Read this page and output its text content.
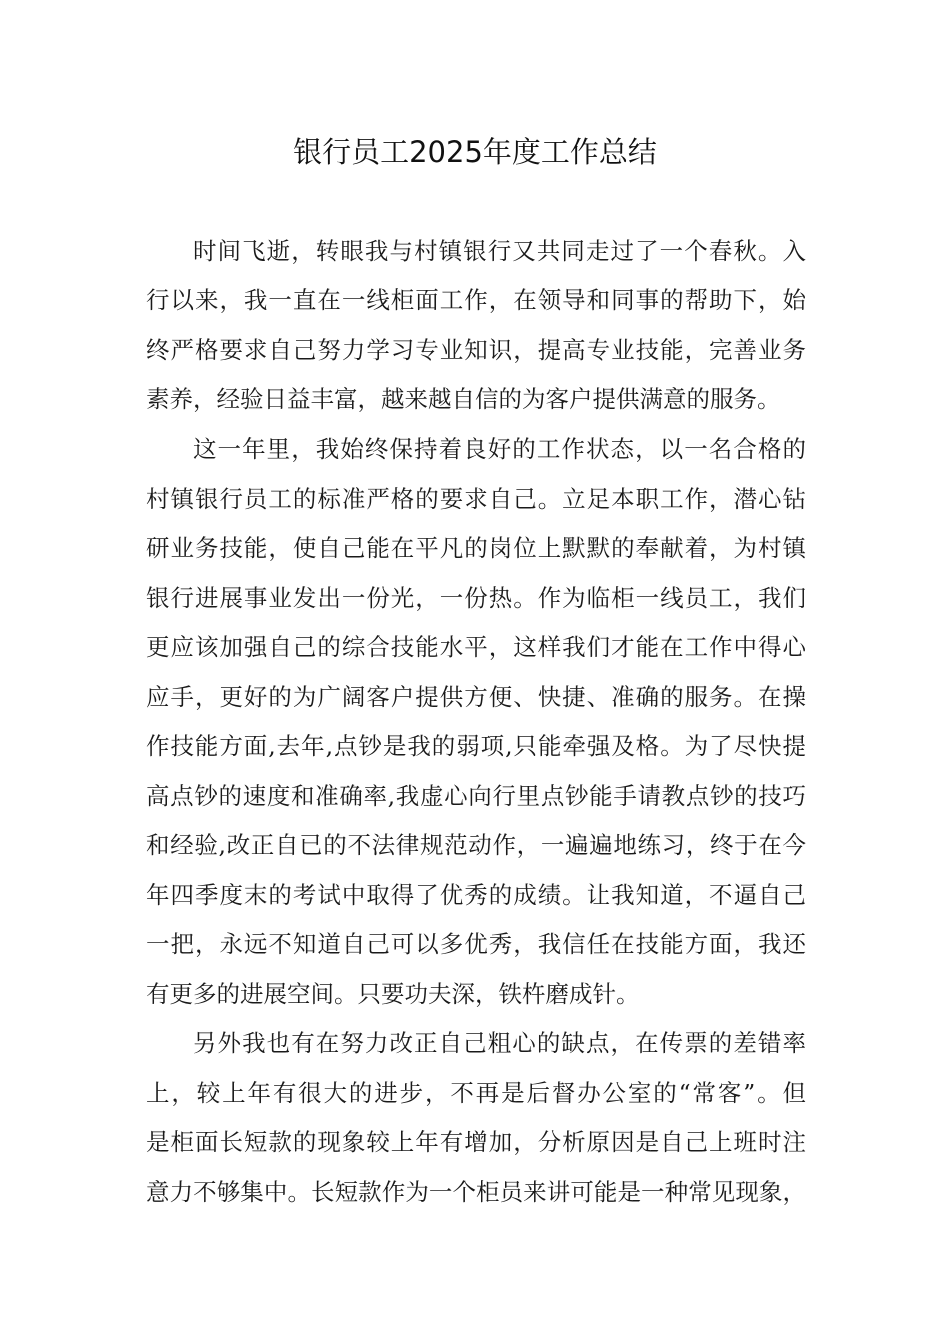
银行员工2025年度工作总结
时间飞逝，转眼我与村镇银行又共同走过了一个春秋。入
行以来，我一直在一线柜面工作，在领导和同事的帮助下，始
终严格要求自己努力学习专业知识，提高专业技能，完善业务
素养，经验日益丰富，越来越自信的为客户提供满意的服务。
这一年里，我始终保持着良好的工作状态，以一名合格的
村镇银行员工的标准严格的要求自己。立足本职工作，潜心钻
研业务技能，使自己能在平凡的岗位上默默的奉献着，为村镇
银行进展事业发出一份光，一份热。作为临柜一线员工，我们
更应该加强自己的综合技能水平，这样我们才能在工作中得心
应手，更好的为广阔客户提供方便、快捷、准确的服务。在操
作技能方面,去年,点钞是我的弱项,只能牵强及格。为了尽快提
高点钞的速度和准确率,我虚心向行里点钞能手请教点钞的技巧
和经验,改正自已的不法律规范动作，一遍遍地练习，终于在今
年四季度末的考试中取得了优秀的成绩。让我知道，不逼自己
一把，永远不知道自己可以多优秀，我信任在技能方面，我还
有更多的进展空间。只要功夫深，铁杵磨成针。
另外我也有在努力改正自己粗心的缺点，在传票的差错率
上，较上年有很大的进步，不再是后督办公室的“常客”。但
是柜面长短款的现象较上年有增加，分析原因是自己上班时注
意力不够集中。长短款作为一个柜员来讲可能是一种常见现象，
